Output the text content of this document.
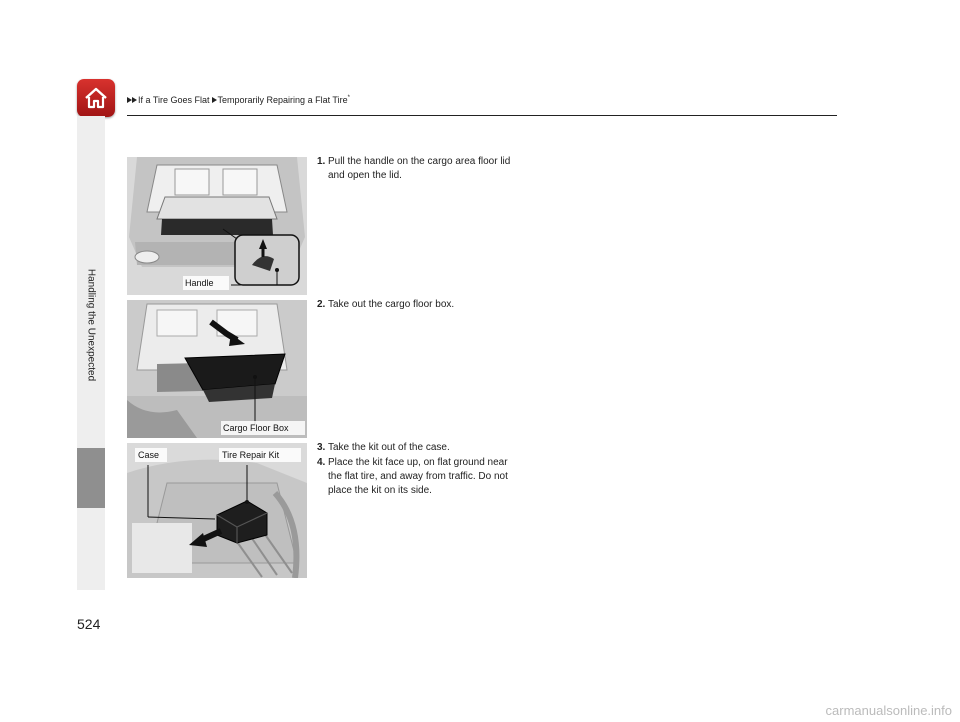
If a Tire Goes Flat Temporarily Repairing a Flat Tire*
Handling the Unexpected
524
Handle
Cargo Floor Box
Case	Tire Repair Kit
1. Pull the handle on the cargo area floor lid
and open the lid.
2. Take out the cargo floor box.
3. Take the kit out of the case.
4. Place the kit face up, on flat ground near
the flat tire, and away from traffic. Do not
place the kit on its side.
carmanualsonline.info
